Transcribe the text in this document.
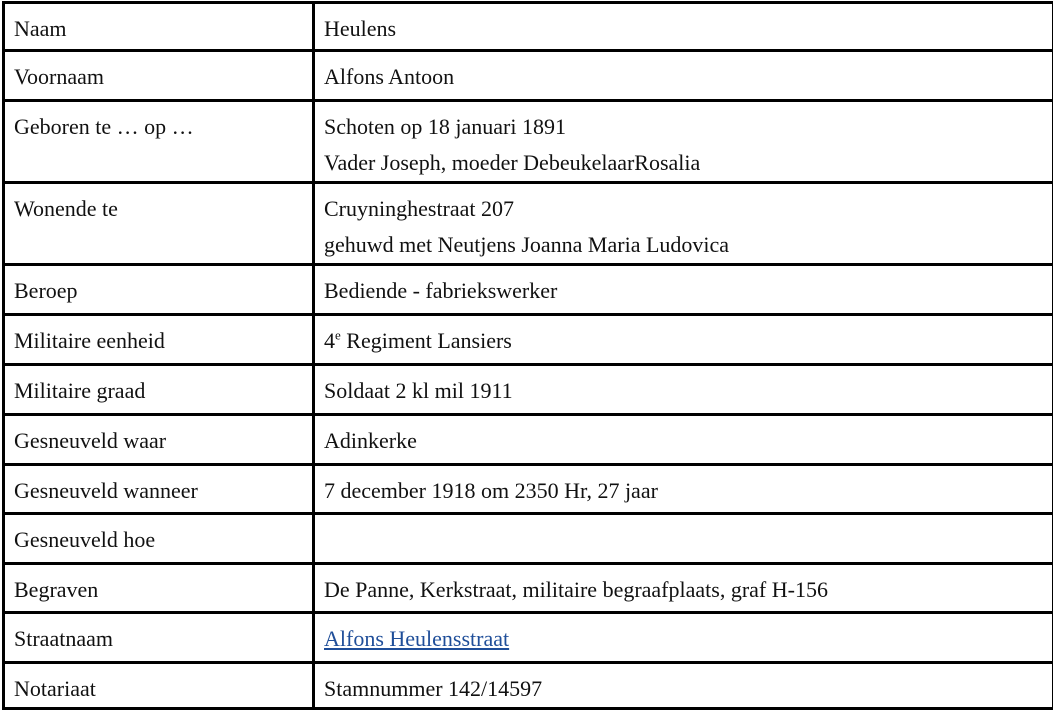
Naam	Heulens

Voornaam	Alfons Antoon

Geboren te … op …	Schoten op 18 januari 1891
Vader Joseph, moeder DebeukelaarRosalia

Wonende te	Cruyninghestraat 207
gehuwd met Neutjens Joanna Maria Ludovica

Beroep	Bediende - fabriekswerker

Militaire eenheid	4e Regiment Lansiers

Militaire graad	Soldaat 2 kl mil 1911

Gesneuveld waar	Adinkerke

Gesneuveld wanneer	7 december 1918 om 2350 Hr, 27 jaar

Gesneuveld hoe	

Begraven	De Panne, Kerkstraat, militaire begraafplaats, graf H-156

Straatnaam	Alfons Heulensstraat

Notariaat	Stamnummer 142/14597
